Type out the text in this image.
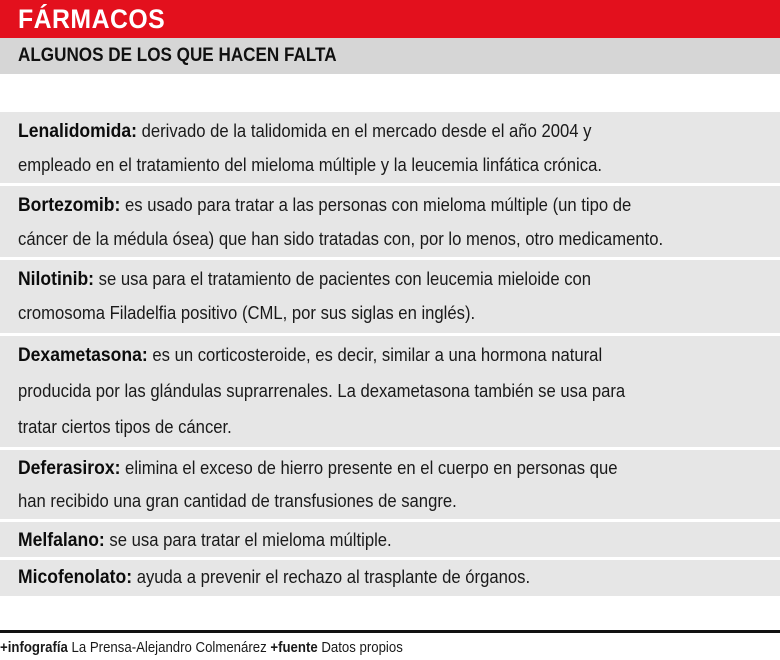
FÁRMACOS
ALGUNOS DE LOS QUE HACEN FALTA
Lenalidomida: derivado de la talidomida en el mercado desde el año 2004 y
empleado en el tratamiento del mieloma múltiple y la leucemia linfática crónica.
Bortezomib: es usado para tratar a las personas con mieloma múltiple (un tipo de
cáncer de la médula ósea) que han sido tratadas con, por lo menos, otro medicamento.
Nilotinib: se usa para el tratamiento de pacientes con leucemia mieloide con
cromosoma Filadelfia positivo (CML, por sus siglas en inglés).
Dexametasona: es un corticosteroide, es decir, similar a una hormona natural
producida por las glándulas suprarrenales. La dexametasona también se usa para
tratar ciertos tipos de cáncer.
Deferasirox: elimina el exceso de hierro presente en el cuerpo en personas que
han recibido una gran cantidad de transfusiones de sangre.
Melfalano: se usa para tratar el mieloma múltiple.
Micofenolato: ayuda a prevenir el rechazo al trasplante de órganos.
+infografía La Prensa-Alejandro Colmenárez +fuente Datos propios
